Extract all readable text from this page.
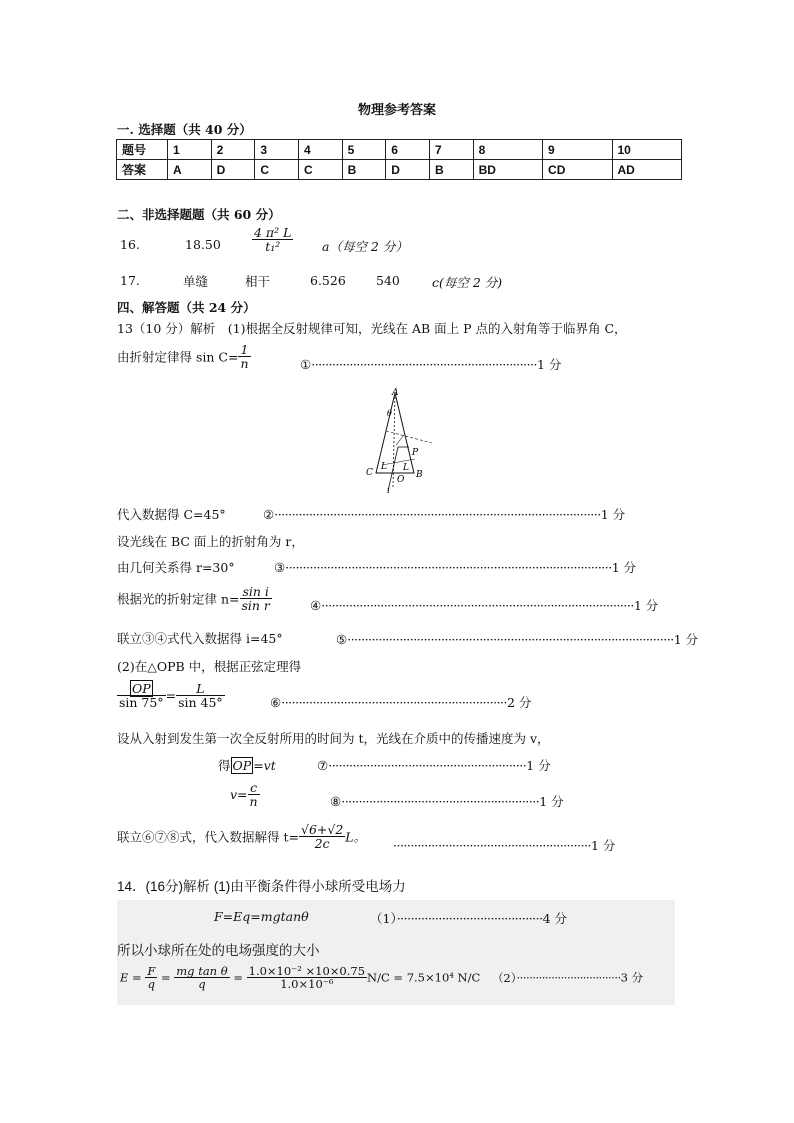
物理参考答案
一. 选择题（共 40 分）
题号	1	2	3	4	5	6	7	8	9	10
答案	A	D	C	C	B	D	B	BD	CD	AD
二、非选择题题（共 60 分）
16.	$18.50 \frac{\text{4 π² L}}{\text{t₁²}} a$（每空 2 分）
17.	单缝	相干	6.526 540	c(每空 2 分)
四、解答题（共 24 分）
13（10 分）解析　(1)根据全反射规律可知，光线在 AB 面上 P 点的入射角等于临界角 C，
由折射定律得 $\sin C= \frac{1}{n}$	①·································································1 分
A
θ
C
P
L L
O B
i
代入数据得 C=45°	②······························································································1 分
设光线在 BC 面上的折射角为 r，
由几何关系得 r=30°	③······························································································1 分
根据光的折射定律 $n= \frac{\text{sin i}}{\text{sin r}}$	④··························································································1 分
联立③④式代入数据得 i=45°	⑤······························································································1 分
(2)在△OPB 中，根据正弦定理得
$\frac{OP}{\sin 75^\circ} = \frac{L}{\sin 45^\circ}$	⑥·································································2 分
设从入射到发生第一次全反射所用的时间为 t，光线在介质中的传播速度为 v，
得 OP =vt	⑦·························································1 分
$v= \frac{c}{n}$	⑧·························································1 分
联立⑥⑦⑧式，代入数据解得 $t= \frac{√6+√2}{2c}$ L。
·························································1 分
14．(16分)解析 (1)由平衡条件得小球所受电场力
F=Eq=mgtanθ	（1）··········································4 分
所以小球所在处的电场强度的大小
$E = \frac{F}{q} = \frac{\text{mg tan θ}}{q} = \frac{\text{1.0×10⁻² ×10×0.75}}{\text{1.0×10⁻⁶}} N/C = 7.5\times 10^4$ N/C （2）·································3 分
